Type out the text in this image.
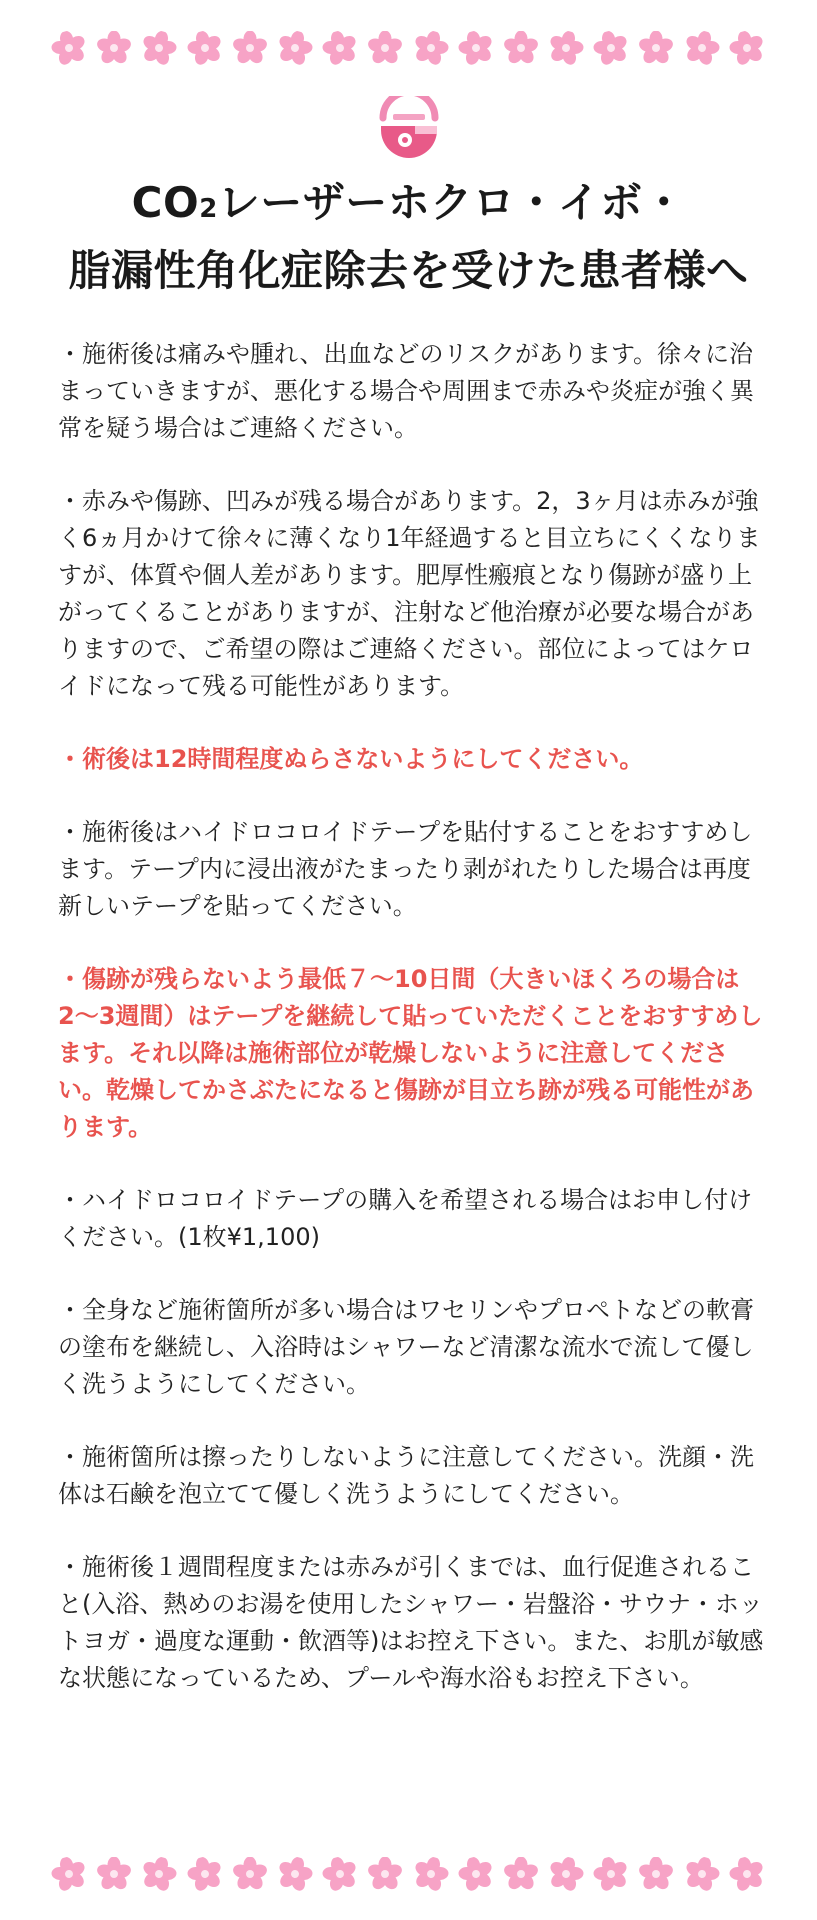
CO2レーザーホクロ・イボ・
脂漏性角化症除去を受けた患者様へ

・施術後は痛みや腫れ、出血などのリスクがあります。徐々に治まっていきますが、悪化する場合や周囲まで赤みや炎症が強く異常を疑う場合はご連絡ください。

・赤みや傷跡、凹みが残る場合があります。2，3ヶ月は赤みが強く6ヵ月かけて徐々に薄くなり1年経過すると目立ちにくくなりますが、体質や個人差があります。肥厚性瘢痕となり傷跡が盛り上がってくることがありますが、注射など他治療が必要な場合がありますので、ご希望の際はご連絡ください。部位によってはケロイドになって残る可能性があります。

・術後は12時間程度ぬらさないようにしてください。

・施術後はハイドロコロイドテープを貼付することをおすすめします。テープ内に浸出液がたまったり剥がれたりした場合は再度新しいテープを貼ってください。

・傷跡が残らないよう最低７〜10日間（大きいほくろの場合は2〜3週間）はテープを継続して貼っていただくことをおすすめします。それ以降は施術部位が乾燥しないように注意してください。乾燥してかさぶたになると傷跡が目立ち跡が残る可能性があります。

・ハイドロコロイドテープの購入を希望される場合はお申し付けください。(1枚¥1,100)

・全身など施術箇所が多い場合はワセリンやプロペトなどの軟膏の塗布を継続し、入浴時はシャワーなど清潔な流水で流して優しく洗うようにしてください。

・施術箇所は擦ったりしないように注意してください。洗顔・洗体は石鹸を泡立てて優しく洗うようにしてください。

・施術後１週間程度または赤みが引くまでは、血行促進されること(入浴、熱めのお湯を使用したシャワー・岩盤浴・サウナ・ホットヨガ・過度な運動・飲酒等)はお控え下さい。また、お肌が敏感な状態になっているため、プールや海水浴もお控え下さい。
